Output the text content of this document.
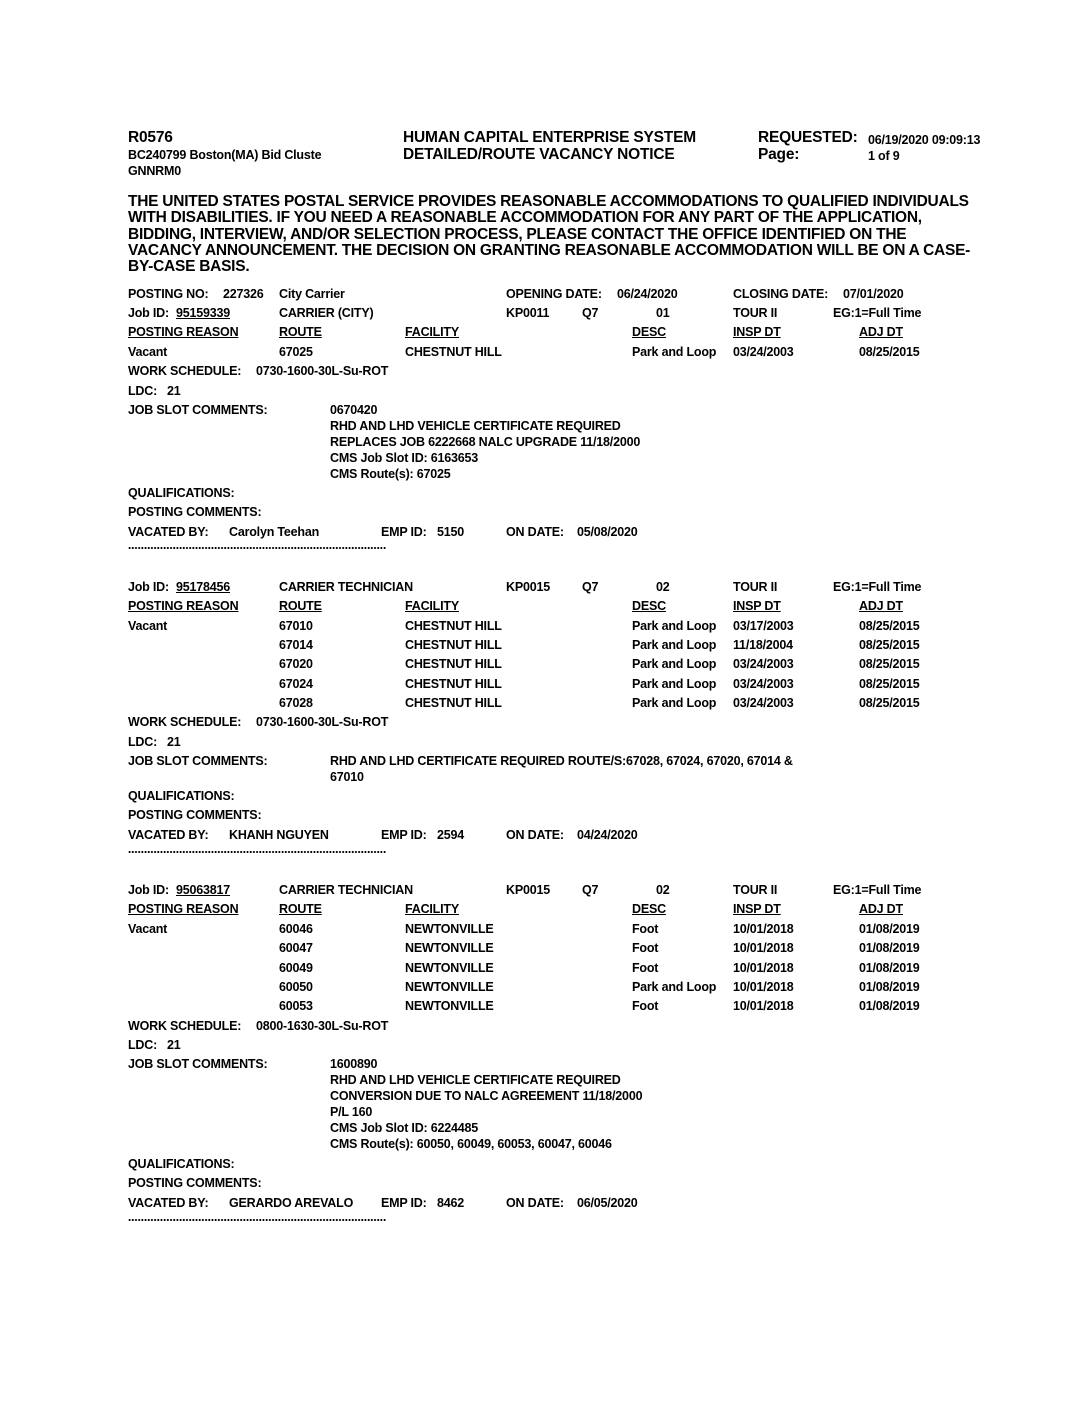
R0576
BC240799 Boston(MA) Bid Cluste
GNNRM0
HUMAN CAPITAL ENTERPRISE SYSTEM
DETAILED/ROUTE VACANCY NOTICE
REQUESTED: 06/19/2020 09:09:13
Page:	1 of 9
THE UNITED STATES POSTAL SERVICE PROVIDES REASONABLE ACCOMMODATIONS TO QUALIFIED INDIVIDUALS WITH DISABILITIES. IF YOU NEED A REASONABLE ACCOMMODATION FOR ANY PART OF THE APPLICATION, BIDDING, INTERVIEW, AND/OR SELECTION PROCESS, PLEASE CONTACT THE OFFICE IDENTIFIED ON THE VACANCY ANNOUNCEMENT. THE DECISION ON GRANTING REASONABLE ACCOMMODATION WILL BE ON A CASE-BY-CASE BASIS.
POSTING NO: 227326 City Carrier	OPENING DATE: 06/24/2020	CLOSING DATE: 07/01/2020
Job ID: 95159339	CARRIER (CITY)	KP0011	Q7	01	TOUR II	EG:1=Full Time
POSTING REASON	ROUTE	FACILITY	DESC	INSP DT	ADJ DT
Vacant	67025	CHESTNUT HILL	Park and Loop 03/24/2003	08/25/2015
WORK SCHEDULE: 0730-1600-30L-Su-ROT
LDC: 21
JOB SLOT COMMENTS:	0670420
RHD AND LHD VEHICLE CERTIFICATE REQUIRED
REPLACES JOB 6222668 NALC UPGRADE 11/18/2000
CMS Job Slot ID: 6163653
CMS Route(s): 67025
QUALIFICATIONS:
POSTING COMMENTS:
VACATED BY: Carolyn Teehan	EMP ID: 5150	ON DATE: 05/08/2020
Job ID: 95178456	CARRIER TECHNICIAN	KP0015	Q7	02	TOUR II	EG:1=Full Time
POSTING REASON	ROUTE	FACILITY	DESC	INSP DT	ADJ DT
Vacant	67010	CHESTNUT HILL	Park and Loop 03/17/2003	08/25/2015
67014	CHESTNUT HILL	Park and Loop 11/18/2004	08/25/2015
67020	CHESTNUT HILL	Park and Loop 03/24/2003	08/25/2015
67024	CHESTNUT HILL	Park and Loop 03/24/2003	08/25/2015
67028	CHESTNUT HILL	Park and Loop 03/24/2003	08/25/2015
WORK SCHEDULE: 0730-1600-30L-Su-ROT
LDC: 21
JOB SLOT COMMENTS:	RHD AND LHD CERTIFICATE REQUIRED ROUTE/S:67028, 67024, 67020, 67014 &
67010
QUALIFICATIONS:
POSTING COMMENTS:
VACATED BY: KHANH NGUYEN	EMP ID: 2594	ON DATE: 04/24/2020
Job ID: 95063817	CARRIER TECHNICIAN	KP0015	Q7	02	TOUR II	EG:1=Full Time
POSTING REASON	ROUTE	FACILITY	DESC	INSP DT	ADJ DT
Vacant	60046	NEWTONVILLE	Foot	10/01/2018	01/08/2019
60047	NEWTONVILLE	Foot	10/01/2018	01/08/2019
60049	NEWTONVILLE	Foot	10/01/2018	01/08/2019
60050	NEWTONVILLE	Park and Loop 10/01/2018	01/08/2019
60053	NEWTONVILLE	Foot	10/01/2018	01/08/2019
WORK SCHEDULE: 0800-1630-30L-Su-ROT
LDC: 21
JOB SLOT COMMENTS:	1600890
RHD AND LHD VEHICLE CERTIFICATE REQUIRED
CONVERSION DUE TO NALC AGREEMENT 11/18/2000
P/L 160
CMS Job Slot ID: 6224485
CMS Route(s): 60050, 60049, 60053, 60047, 60046
QUALIFICATIONS:
POSTING COMMENTS:
VACATED BY: GERARDO AREVALO EMP ID: 8462	ON DATE: 06/05/2020
